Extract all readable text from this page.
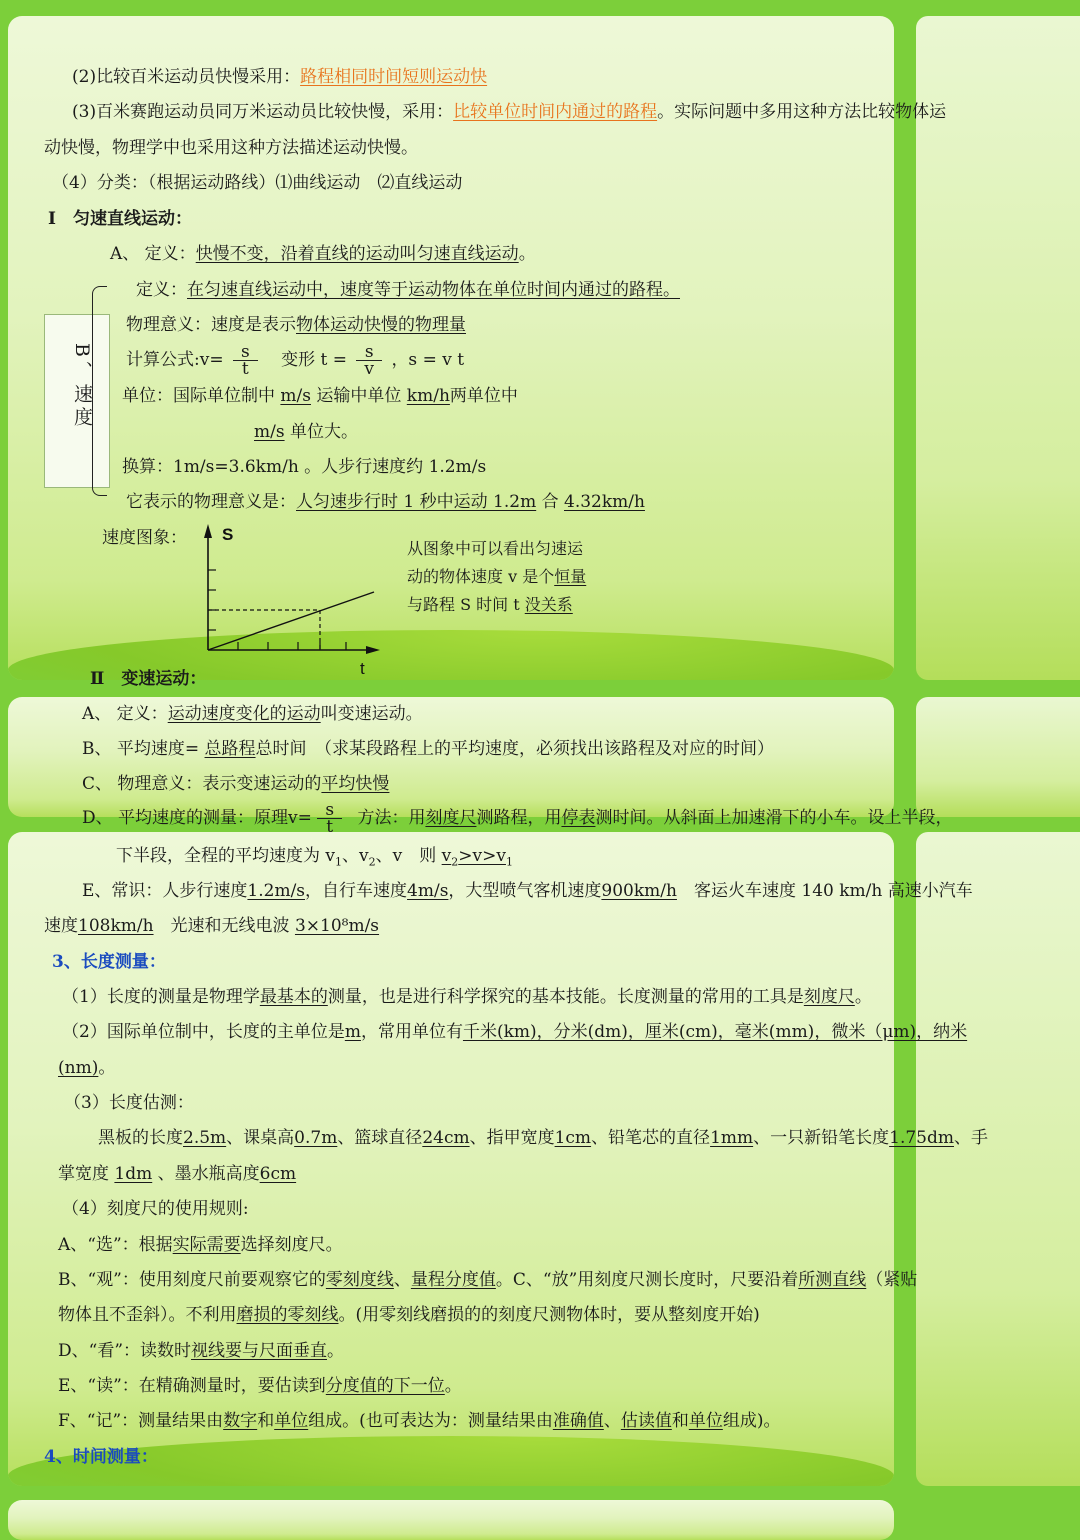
(2)比较百米运动员快慢采用：路程相同时间短则运动快
(3)百米赛跑运动员同万米运动员比较快慢，采用：比较单位时间内通过的路程。实际问题中多用这种方法比较物体运
动快慢，物理学中也采用这种方法描述运动快慢。
（4）分类：（根据运动路线）⑴曲线运动　⑵直线运动
Ⅰ　匀速直线运动：
A、 定义：快慢不变，沿着直线的运动叫匀速直线运动。
B、速度
定义：在匀速直线运动中，速度等于运动物体在单位时间内通过的路程。
物理意义：速度是表示物体运动快慢的物理量
计算公式:v= $\frac{s}{t}$ 变形 $t = \frac{s}{v}$ ，s = v t
单位：国际单位制中 m/s 运输中单位 km/h两单位中
m/s 单位大。
换算：1m/s=3.6km/h 。人步行速度约 1.2m/s
它表示的物理意义是：人匀速步行时 1 秒中运动 1.2m 合 4.32km/h
速度图象： S
t
从图象中可以看出匀速运
动的物体速度 v 是个恒量
与路程 S 时间 t 没关系
Ⅱ　变速运动：
A、 定义：运动速度变化的运动叫变速运动。
B、 平均速度= 总路程总时间　（求某段路程上的平均速度，必须找出该路程及对应的时间）
C、 物理意义：表示变速运动的平均快慢
D、 平均速度的测量：原理$v= \frac{s}{t}$ 方法：用刻度尺测路程，用停表测时间。从斜面上加速滑下的小车。设上半段，
下半段，全程的平均速度为 $v_1$、$v_2$、v　则 $v_2>v>v_1$
E、常识：人步行速度1.2m/s，自行车速度4m/s，大型喷气客机速度900km/h　客运火车速度 140 km/h 高速小汽车
速度108km/h　光速和无线电波 3×10⁸m/s
3、长度测量：
（1）长度的测量是物理学最基本的测量，也是进行科学探究的基本技能。长度测量的常用的工具是刻度尺。
（2）国际单位制中，长度的主单位是m，常用单位有千米(km)，分米(dm)，厘米(cm)，毫米(mm)，微米（μm)，纳米
(nm)。
（3）长度估测：
黑板的长度2.5m、课桌高0.7m、篮球直径24cm、指甲宽度1cm、铅笔芯的直径1mm、一只新铅笔长度1.75dm、手
掌宽度 1dm 、墨水瓶高度6cm
（4）刻度尺的使用规则:
A、“选”：根据实际需要选择刻度尺。
B、“观”：使用刻度尺前要观察它的零刻度线、量程分度值。C、“放”用刻度尺测长度时，尺要沿着所测直线（紧贴
物体且不歪斜）。不利用磨损的零刻线。(用零刻线磨损的的刻度尺测物体时，要从整刻度开始)
D、“看”：读数时视线要与尺面垂直。
E、“读”：在精确测量时，要估读到分度值的下一位。
F、“记”：测量结果由数字和单位组成。(也可表达为：测量结果由准确值、估读值和单位组成)。
4、时间测量：
